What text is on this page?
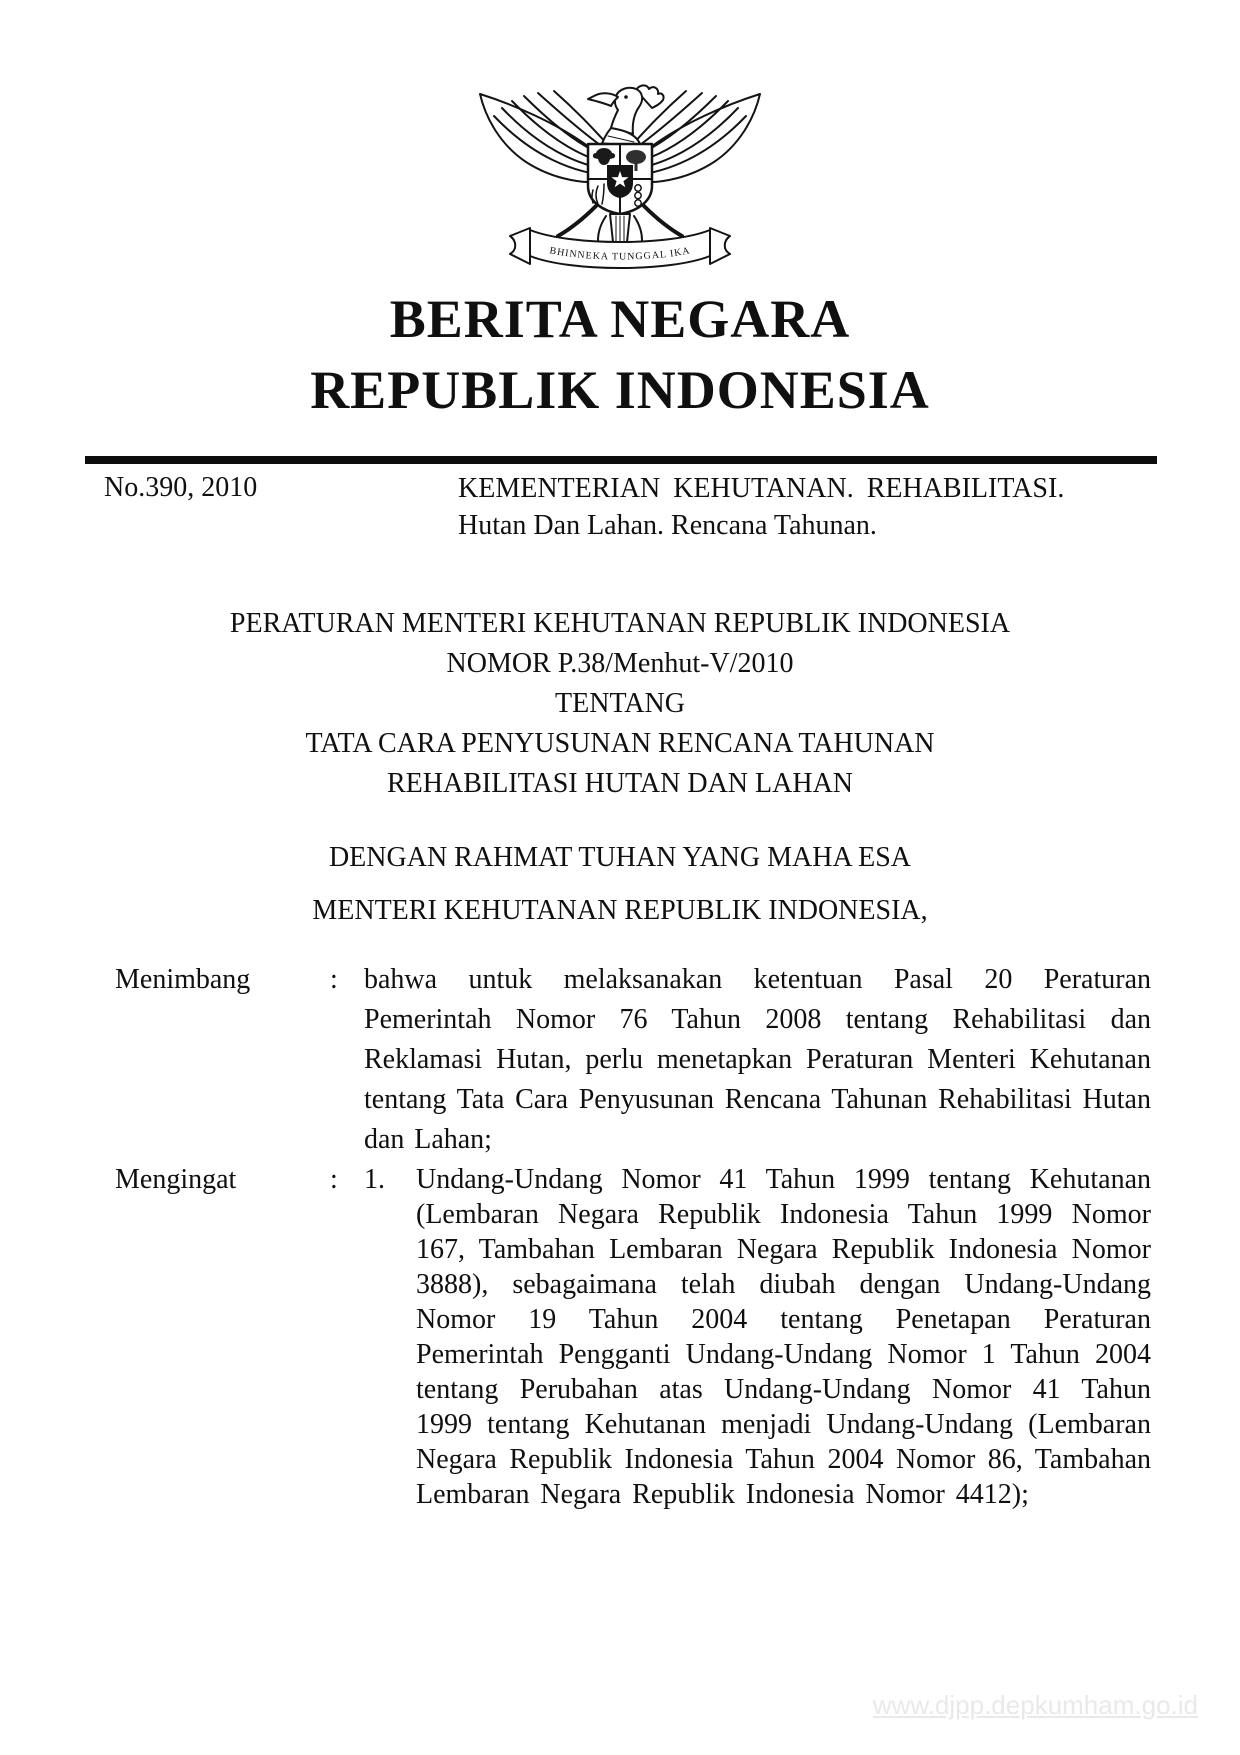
BHINNEKA TUNGGAL IKA
BERITA NEGARA
REPUBLIK INDONESIA
No.390, 2010	KEMENTERIAN KEHUTANAN. REHABILITASI.
Hutan Dan Lahan. Rencana Tahunan.
PERATURAN MENTERI KEHUTANAN REPUBLIK INDONESIA
NOMOR P.38/Menhut-V/2010
TENTANG
TATA CARA PENYUSUNAN RENCANA TAHUNAN
REHABILITASI HUTAN DAN LAHAN
DENGAN RAHMAT TUHAN YANG MAHA ESA
MENTERI KEHUTANAN REPUBLIK INDONESIA,
Menimbang	: bahwa untuk melaksanakan ketentuan Pasal 20 Peraturan Pemerintah Nomor 76 Tahun 2008 tentang Rehabilitasi dan Reklamasi Hutan, perlu menetapkan Peraturan Menteri Kehutanan tentang Tata Cara Penyusunan Rencana Tahunan Rehabilitasi Hutan dan Lahan;
Mengingat	: 1.	Undang-Undang Nomor 41 Tahun 1999 tentang Kehutanan (Lembaran Negara Republik Indonesia Tahun 1999 Nomor 167, Tambahan Lembaran Negara Republik Indonesia Nomor 3888), sebagaimana telah diubah dengan Undang-Undang Nomor 19 Tahun 2004 tentang Penetapan Peraturan Pemerintah Pengganti Undang-Undang Nomor 1 Tahun 2004 tentang Perubahan atas Undang-Undang Nomor 41 Tahun 1999 tentang Kehutanan menjadi Undang-Undang (Lembaran Negara Republik Indonesia Tahun 2004 Nomor 86, Tambahan Lembaran Negara Republik Indonesia Nomor 4412);
www.djpp.depkumham.go.id
